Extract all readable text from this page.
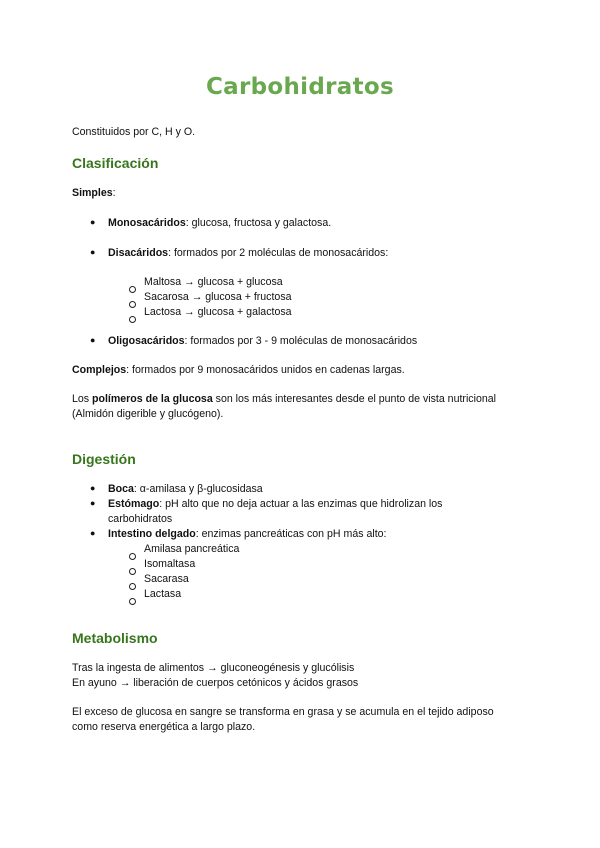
Carbohidratos
Constituidos por C, H y O.
Clasificación
Simples:
● Monosacáridos: glucosa, fructosa y galactosa.
● Disacáridos: formados por 2 moléculas de monosacáridos:
Maltosa → glucosa + glucosa
Sacarosa → glucosa + fructosa
Lactosa → glucosa + galactosa
● Oligosacáridos: formados por 3 - 9 moléculas de monosacáridos
Complejos: formados por 9 monosacáridos unidos en cadenas largas.
Los polímeros de la glucosa son los más interesantes desde el punto de vista nutricional
(Almidón digerible y glucógeno).
Digestión
● Boca: α-amilasa y β-glucosidasa
● Estómago: pH alto que no deja actuar a las enzimas que hidrolizan los
carbohidratos
● Intestino delgado: enzimas pancreáticas con pH más alto:
Amilasa pancreática
Isomaltasa
Sacarasa
Lactasa
Metabolismo
Tras la ingesta de alimentos → gluconeogénesis y glucólisis
En ayuno → liberación de cuerpos cetónicos y ácidos grasos
El exceso de glucosa en sangre se transforma en grasa y se acumula en el tejido adiposo
como reserva energética a largo plazo.
